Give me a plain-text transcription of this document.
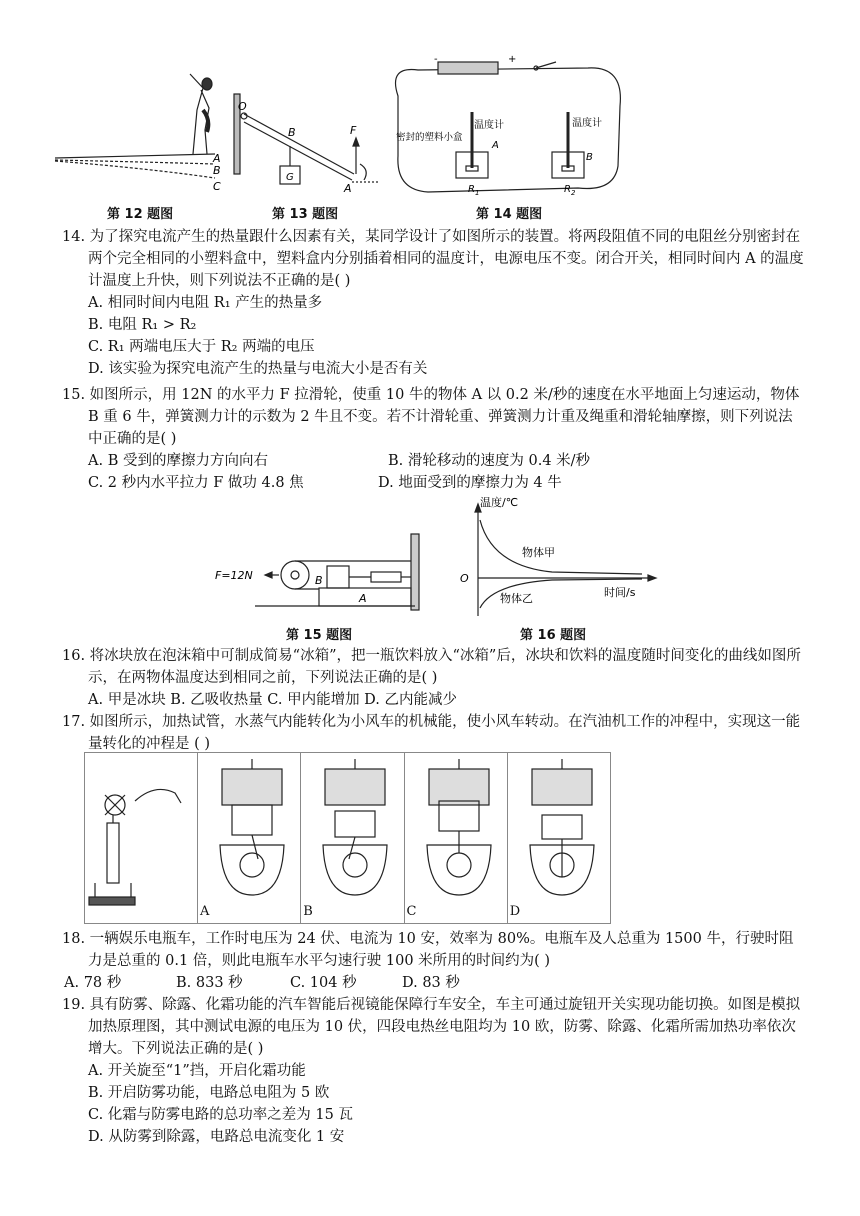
A
B
C
O
B	F
G
A
-	+
温度计	温度计
密封的塑料小盒
A
B
$R_1$	$R_2$
第 12 题图	第 13 题图	第 14 题图
14. 为了探究电流产生的热量跟什么因素有关，某同学设计了如图所示的装置。将两段阻值不同的电阻丝分别密封在两个完全相同的小塑料盒中，塑料盒内分别插着相同的温度计，电源电压不变。闭合开关，相同时间内 A 的温度计温度上升快，则下列说法不正确的是( )
A. 相同时间内电阻 R₁ 产生的热量多
B. 电阻 R₁ > R₂
C. R₁ 两端电压大于 R₂ 两端的电压
D. 该实验为探究电流产生的热量与电流大小是否有关
15. 如图所示，用 12N 的水平力 F 拉滑轮，使重 10 牛的物体 A 以 0.2 米/秒的速度在水平地面上匀速运动，物体 B 重 6 牛，弹簧测力计的示数为 2 牛且不变。若不计滑轮重、弹簧测力计重及绳重和滑轮轴摩擦，则下列说法中正确的是( )
A. B 受到的摩擦力方向向右	B. 滑轮移动的速度为 0.4 米/秒
C. 2 秒内水平拉力 F 做功 4.8 焦	D. 地面受到的摩擦力为 4 牛
F=12N	B
A
温度/℃
时间/s
O
物体甲
物体乙
第 15 题图	第 16 题图
16. 将冰块放在泡沫箱中可制成简易“冰箱”，把一瓶饮料放入“冰箱”后，冰块和饮料的温度随时间变化的曲线如图所示，在两物体温度达到相同之前，下列说法正确的是( )
A. 甲是冰块 B. 乙吸收热量 C. 甲内能增加 D. 乙内能减少
17. 如图所示，加热试管，水蒸气内能转化为小风车的机械能，使小风车转动。在汽油机工作的冲程中，实现这一能量转化的冲程是 ( )
A	B	C	D
18. 一辆娱乐电瓶车，工作时电压为 24 伏、电流为 10 安，效率为 80%。电瓶车及人总重为 1500 牛，行驶时阻力是总重的 0.1 倍，则此电瓶车水平匀速行驶 100 米所用的时间约为( )
A. 78 秒	B. 833 秒	C. 104 秒	D. 83 秒
19. 具有防雾、除露、化霜功能的汽车智能后视镜能保障行车安全，车主可通过旋钮开关实现功能切换。如图是模拟加热原理图，其中测试电源的电压为 10 伏，四段电热丝电阻均为 10 欧，防雾、除露、化霜所需加热功率依次增大。下列说法正确的是( )
A. 开关旋至“1”挡，开启化霜功能
B. 开启防雾功能，电路总电阻为 5 欧
C. 化霜与防雾电路的总功率之差为 15 瓦
D. 从防雾到除露，电路总电流变化 1 安
